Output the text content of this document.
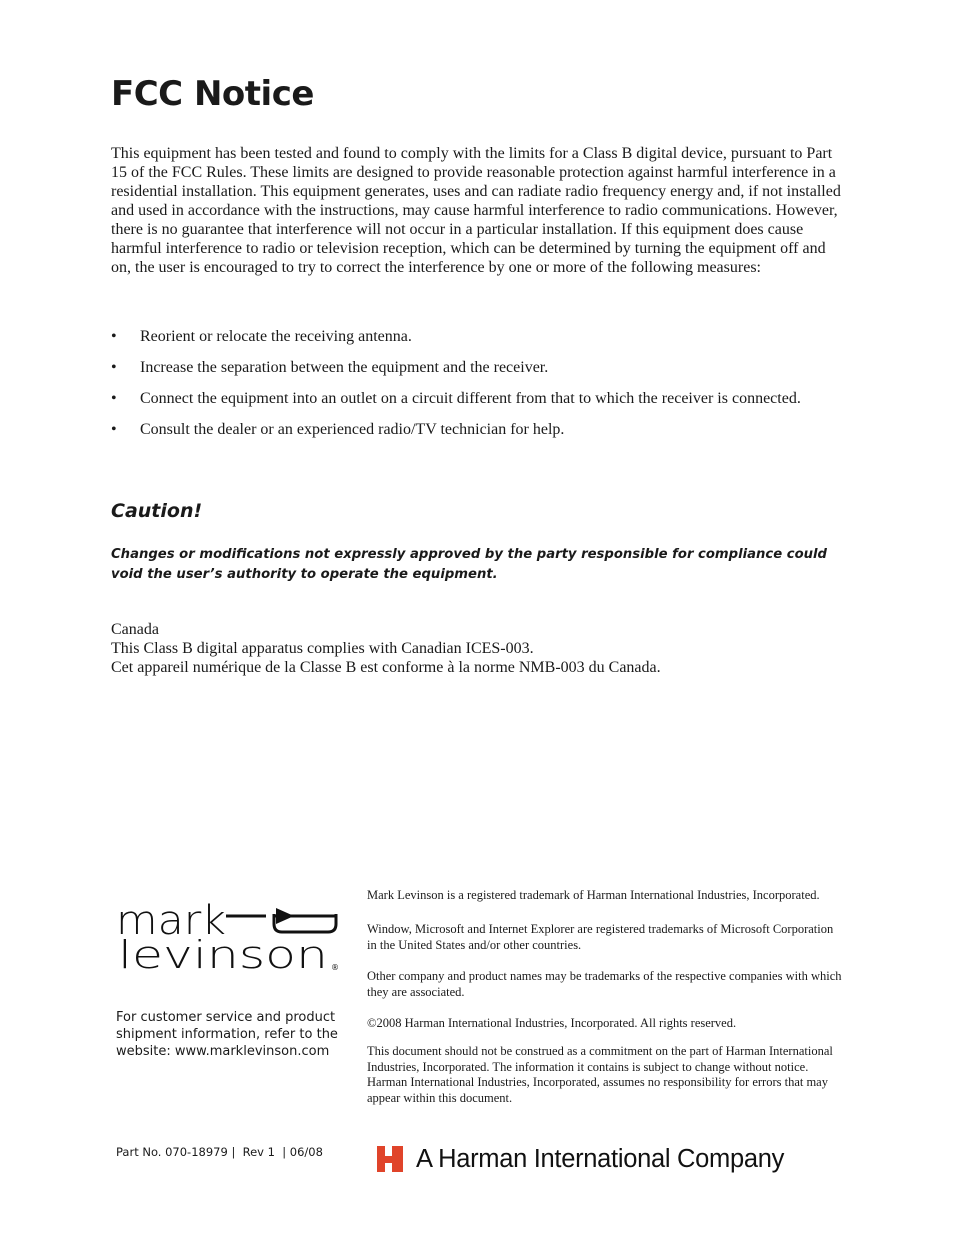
FCC Notice

This equipment has been tested and found to comply with the limits for a Class B digital device, pursuant to Part 15 of the FCC Rules. These limits are designed to provide reasonable protection against harmful interference in a residential installation. This equipment generates, uses and can radiate radio frequency energy and, if not installed and used in accordance with the instructions, may cause harmful interference to radio communications. However, there is no guarantee that interference will not occur in a particular installation. If this equipment does cause harmful interference to radio or television reception, which can be determined by turning the equipment off and on, the user is encouraged to try to correct the interference by one or more of the following measures:

• Reorient or relocate the receiving antenna.
• Increase the separation between the equipment and the receiver.
• Connect the equipment into an outlet on a circuit different from that to which the receiver is connected.
• Consult the dealer or an experienced radio/TV technician for help.
Caution!

Changes or modifications not expressly approved by the party responsible for compliance could void the user’s authority to operate the equipment.

Canada
This Class B digital apparatus complies with Canadian ICES-003.
Cet appareil numérique de la Classe B est conforme à la norme NMB-003 du Canada.
mark
levinson ®

For customer service and product shipment information, refer to the website: www.marklevinson.com

Mark Levinson is a registered trademark of Harman International Industries, Incorporated.

Window, Microsoft and Internet Explorer are registered trademarks of Microsoft Corporation in the United States and/or other countries.

Other company and product names may be trademarks of the respective companies with which they are associated.

©2008 Harman International Industries, Incorporated. All rights reserved.

This document should not be construed as a commitment on the part of Harman International Industries, Incorporated. The information it contains is subject to change without notice. Harman International Industries, Incorporated, assumes no responsibility for errors that may appear within this document.

Part No. 070-18979 |  Rev 1  | 06/08	A Harman International Company
